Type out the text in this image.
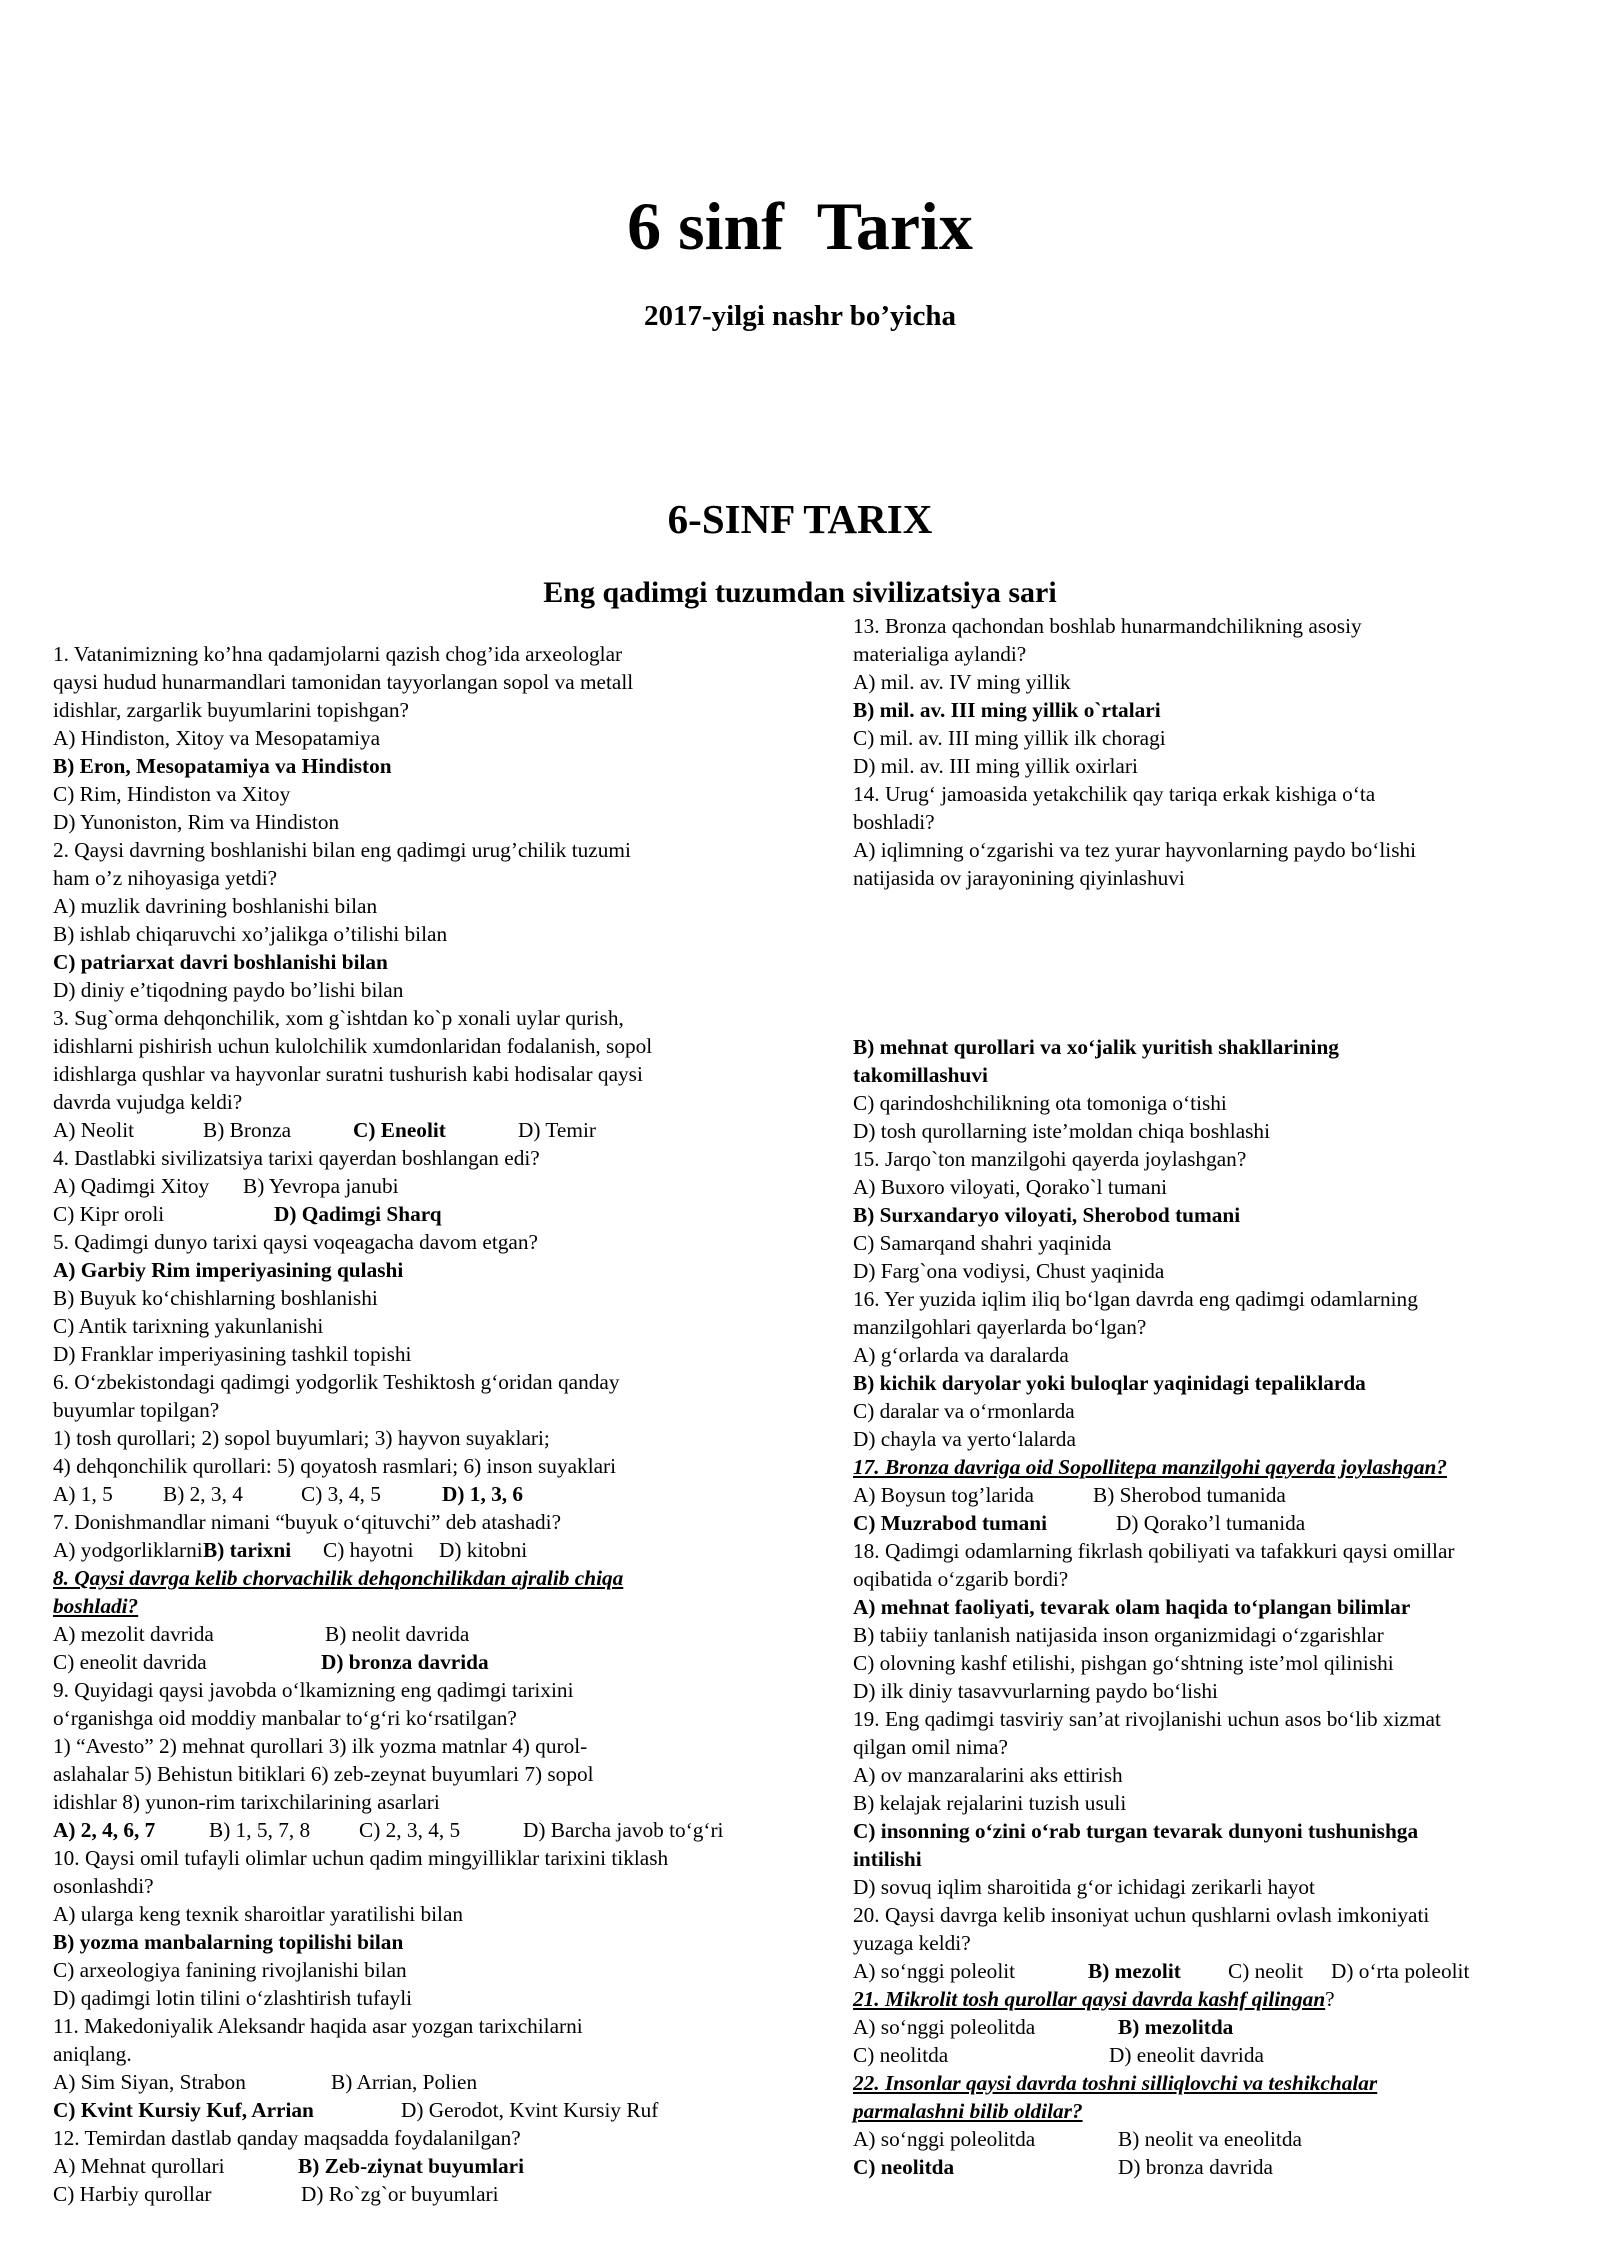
6 sinf  Tarix
2017-yilgi nashr bo’yicha
6-SINF TARIX
Eng qadimgi tuzumdan sivilizatsiya sari
1. Vatanimizning ko’hna qadamjolarni qazish chog’ida arxeologlar
qaysi hudud hunarmandlari tamonidan tayyorlangan sopol va metall
idishlar, zargarlik buyumlarini topishgan?
A) Hindiston, Xitoy va Mesopatamiya
B) Eron, Mesopatamiya va Hindiston
C) Rim, Hindiston va Xitoy
D) Yunoniston, Rim va Hindiston
2. Qaysi davrning boshlanishi bilan eng qadimgi urug’chilik tuzumi
ham o’z nihoyasiga yetdi?
A) muzlik davrining boshlanishi bilan
B) ishlab chiqaruvchi xo’jalikga o’tilishi bilan
C) patriarxat davri boshlanishi bilan
D) diniy e’tiqodning paydo bo’lishi bilan
3. Sug`orma dehqonchilik, xom g`ishtdan ko`p xonali uylar qurish,
idishlarni pishirish uchun kulolchilik xumdonlaridan fodalanish, sopol
idishlarga qushlar va hayvonlar suratni tushurish kabi hodisalar qaysi
davrda vujudga keldi?
A) Neolit	B) Bronza	C) Eneolit	D) Temir
4. Dastlabki sivilizatsiya tarixi qayerdan boshlangan edi?
A) Qadimgi Xitoy B) Yevropa janubi
C) Kipr oroli	D) Qadimgi Sharq
5. Qadimgi dunyo tarixi qaysi voqeagacha davom etgan?
A) Garbiy Rim imperiyasining qulashi
B) Buyuk ko‘chishlarning boshlanishi
C) Antik tarixning yakunlanishi
D) Franklar imperiyasining tashkil topishi
6. O‘zbekistondagi qadimgi yodgorlik Teshiktosh g‘oridan qanday
buyumlar topilgan?
1) tosh qurollari; 2) sopol buyumlari; 3) hayvon suyaklari;
4) dehqonchilik qurollari: 5) qoyatosh rasmlari; 6) inson suyaklari
A) 1, 5 B) 2, 3, 4	C) 3, 4, 5	D) 1, 3, 6
7. Donishmandlar nimani “buyuk o‘qituvchi” deb atashadi?
A) yodgorliklarniB) tarixni C) hayotni D) kitobni
8. Qaysi davrga kelib chorvachilik dehqonchilikdan ajralib chiqa
boshladi?
A) mezolit davrida	B) neolit davrida
C) eneolit davrida	D) bronza davrida
9. Quyidagi qaysi javobda o‘lkamizning eng qadimgi tarixini
o‘rganishga oid moddiy manbalar to‘g‘ri ko‘rsatilgan?
1) “Avesto” 2) mehnat qurollari 3) ilk yozma matnlar 4) qurol-
aslahalar 5) Behistun bitiklari 6) zeb-zeynat buyumlari 7) sopol
idishlar 8) yunon-rim tarixchilarining asarlari
A) 2, 4, 6, 7	B) 1, 5, 7, 8 C) 2, 3, 4, 5	D) Barcha javob to‘g‘ri
10. Qaysi omil tufayli olimlar uchun qadim mingyilliklar tarixini tiklash
osonlashdi?
A) ularga keng texnik sharoitlar yaratilishi bilan
B) yozma manbalarning topilishi bilan
C) arxeologiya fanining rivojlanishi bilan
D) qadimgi lotin tilini o‘zlashtirish tufayli
11. Makedoniyalik Aleksandr haqida asar yozgan tarixchilarni
aniqlang.
A) Sim Siyan, Strabon	B) Arrian, Polien
C) Kvint Kursiy Kuf, Arrian	D) Gerodot, Kvint Kursiy Ruf
12. Temirdan dastlab qanday maqsadda foydalanilgan?
A) Mehnat qurollari	B) Zeb-ziynat buyumlari
C) Harbiy qurollar	D) Ro`zg`or buyumlari
13. Bronza qachondan boshlab hunarmandchilikning asosiy
materialiga aylandi?
A) mil. av. IV ming yillik
B) mil. av. III ming yillik o`rtalari
C) mil. av. III ming yillik ilk choragi
D) mil. av. III ming yillik oxirlari
14. Urug‘ jamoasida yetakchilik qay tariqa erkak kishiga o‘ta
boshladi?
A) iqlimning o‘zgarishi va tez yurar hayvonlarning paydo bo‘lishi
natijasida ov jarayonining qiyinlashuvi
B) mehnat qurollari va xo‘jalik yuritish shakllarining
takomillashuvi
C) qarindoshchilikning ota tomoniga o‘tishi
D) tosh qurollarning iste’moldan chiqa boshlashi
15. Jarqo`ton manzilgohi qayerda joylashgan?
A) Buxoro viloyati, Qorako`l tumani
B) Surxandaryo viloyati, Sherobod tumani
C) Samarqand shahri yaqinida
D) Farg`ona vodiysi, Chust yaqinida
16. Yer yuzida iqlim iliq bo‘lgan davrda eng qadimgi odamlarning
manzilgohlari qayerlarda bo‘lgan?
A) g‘orlarda va daralarda
B) kichik daryolar yoki buloqlar yaqinidagi tepaliklarda
C) daralar va o‘rmonlarda
D) chayla va yerto‘lalarda
17. Bronza davriga oid Sopollitepa manzilgohi qayerda joylashgan?
A) Boysun tog’larida	B) Sherobod tumanida
C) Muzrabod tumani	D) Qorako’l tumanida
18. Qadimgi odamlarning fikrlash qobiliyati va tafakkuri qaysi omillar
oqibatida o‘zgarib bordi?
A) mehnat faoliyati, tevarak olam haqida to‘plangan bilimlar
B) tabiiy tanlanish natijasida inson organizmidagi o‘zgarishlar
C) olovning kashf etilishi, pishgan go‘shtning iste’mol qilinishi
D) ilk diniy tasavvurlarning paydo bo‘lishi
19. Eng qadimgi tasviriy san’at rivojlanishi uchun asos bo‘lib xizmat
qilgan omil nima?
A) ov manzaralarini aks ettirish
B) kelajak rejalarini tuzish usuli
C) insonning o‘zini o‘rab turgan tevarak dunyoni tushunishga
intilishi
D) sovuq iqlim sharoitida g‘or ichidagi zerikarli hayot
20. Qaysi davrga kelib insoniyat uchun qushlarni ovlash imkoniyati
yuzaga keldi?
A) so‘nggi poleolit	B) mezolit C) neolit D) o‘rta poleolit
21. Mikrolit tosh qurollar qaysi davrda kashf qilingan?
A) so‘nggi poleolitda	B) mezolitda
C) neolitda	D) eneolit davrida
22. Insonlar qaysi davrda toshni silliqlovchi va teshikchalar
parmalashni bilib oldilar?
A) so‘nggi poleolitda	B) neolit va eneolitda
C) neolitda	D) bronza davrida
